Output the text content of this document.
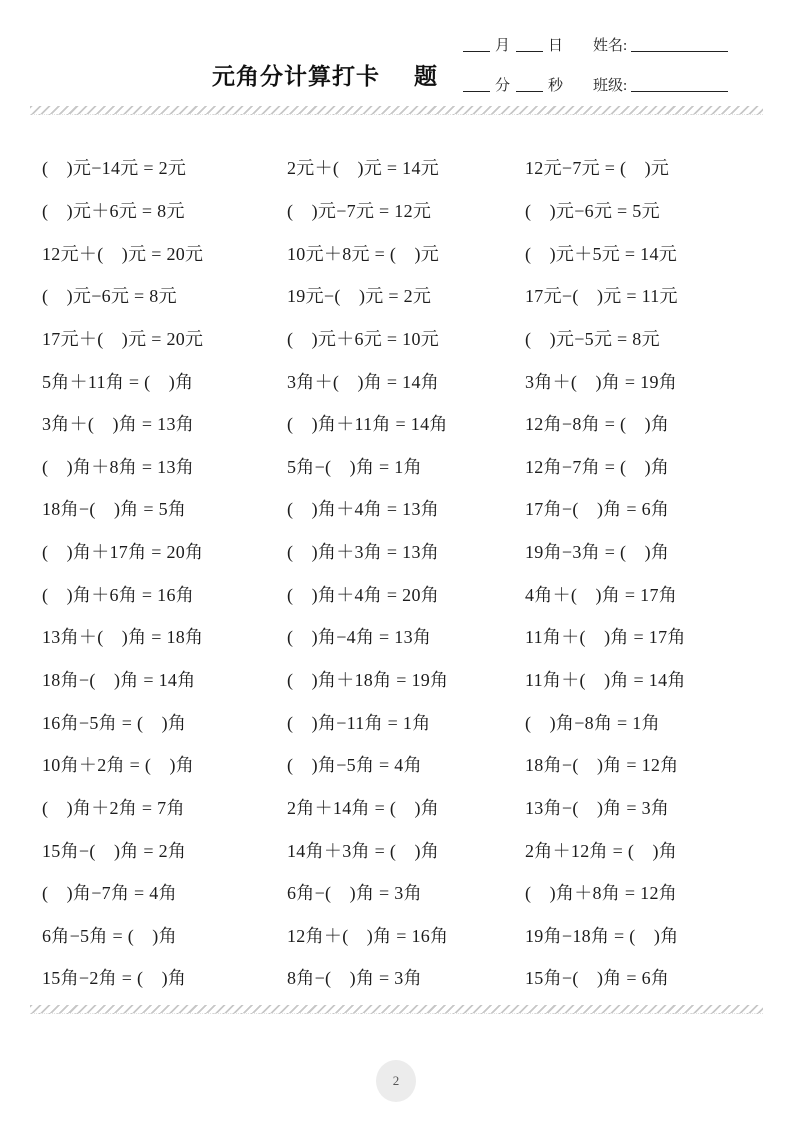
元角分计算打卡 题
月	日 姓名:
分	秒 班级:
(　)元−14元 = 2元
(　)元＋6元 = 8元
12元＋(　)元 = 20元
(　)元−6元 = 8元
17元＋(　)元 = 20元
5角＋11角 = (　)角
3角＋(　)角 = 13角
(　)角＋8角 = 13角
18角−(　)角 = 5角
(　)角＋17角 = 20角
(　)角＋6角 = 16角
13角＋(　)角 = 18角
18角−(　)角 = 14角
16角−5角 = (　)角
10角＋2角 = (　)角
(　)角＋2角 = 7角
15角−(　)角 = 2角
(　)角−7角 = 4角
6角−5角 = (　)角
15角−2角 = (　)角
2元＋(　)元 = 14元
(　)元−7元 = 12元
10元＋8元 = (　)元
19元−(　)元 = 2元
(　)元＋6元 = 10元
3角＋(　)角 = 14角
(　)角＋11角 = 14角
5角−(　)角 = 1角
(　)角＋4角 = 13角
(　)角＋3角 = 13角
(　)角＋4角 = 20角
(　)角−4角 = 13角
(　)角＋18角 = 19角
(　)角−11角 = 1角
(　)角−5角 = 4角
2角＋14角 = (　)角
14角＋3角 = (　)角
6角−(　)角 = 3角
12角＋(　)角 = 16角
8角−(　)角 = 3角
12元−7元 = (　)元
(　)元−6元 = 5元
(　)元＋5元 = 14元
17元−(　)元 = 11元
(　)元−5元 = 8元
3角＋(　)角 = 19角
12角−8角 = (　)角
12角−7角 = (　)角
17角−(　)角 = 6角
19角−3角 = (　)角
4角＋(　)角 = 17角
11角＋(　)角 = 17角
11角＋(　)角 = 14角
(　)角−8角 = 1角
18角−(　)角 = 12角
13角−(　)角 = 3角
2角＋12角 = (　)角
(　)角＋8角 = 12角
19角−18角 = (　)角
15角−(　)角 = 6角
2
